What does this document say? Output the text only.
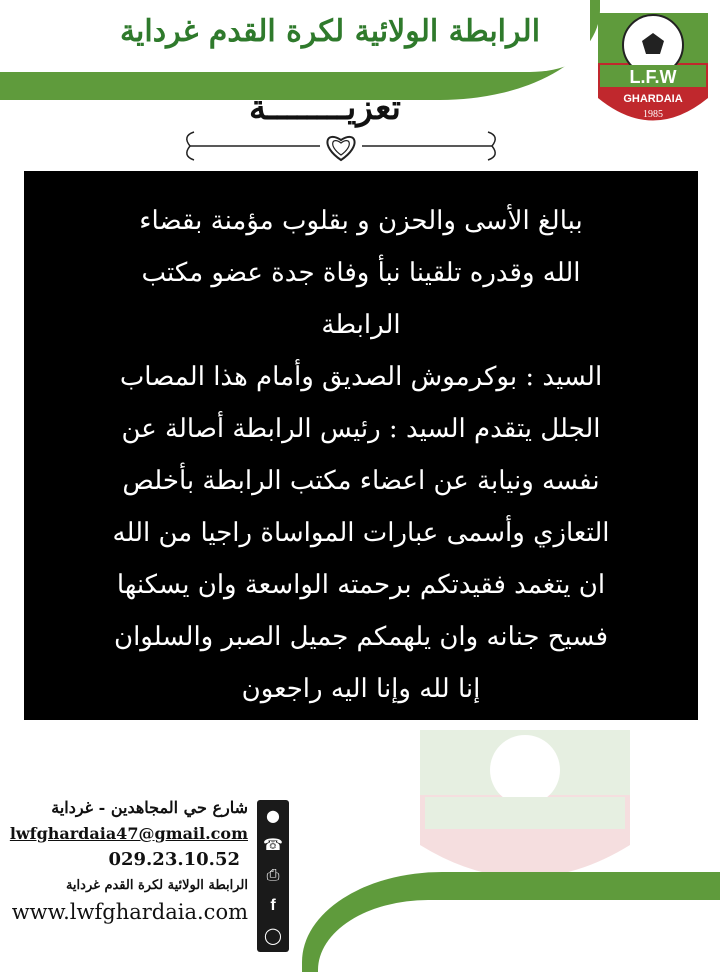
الرابطة الولائية لكرة القدم غرداية
L.F.W
GHARDAIA
1985
تعزيــــــــة
ببالغ الأسى والحزن و بقلوب مؤمنة بقضاء
الله وقدره تلقينا نبأ وفاة جدة عضو مكتب
الرابطة
السيد : بوكرموش الصديق وأمام هذا المصاب
الجلل يتقدم السيد : رئيس الرابطة أصالة عن
نفسه ونيابة عن اعضاء مكتب الرابطة بأخلص
التعازي وأسمى عبارات المواساة راجيا من الله
ان يتغمد فقيدتكم برحمته الواسعة وان يسكنها
فسيح جنانه وان يلهمكم جميل الصبر والسلوان
إنا لله وإنا اليه راجعون
شارع حي المجاهدين - غرداية
lwfghardaia47@gmail.com
029.23.10.52
الرابطة الولائية لكرة القدم غرداية
www.lwfghardaia.com
●
☎
⎙
f
◯
